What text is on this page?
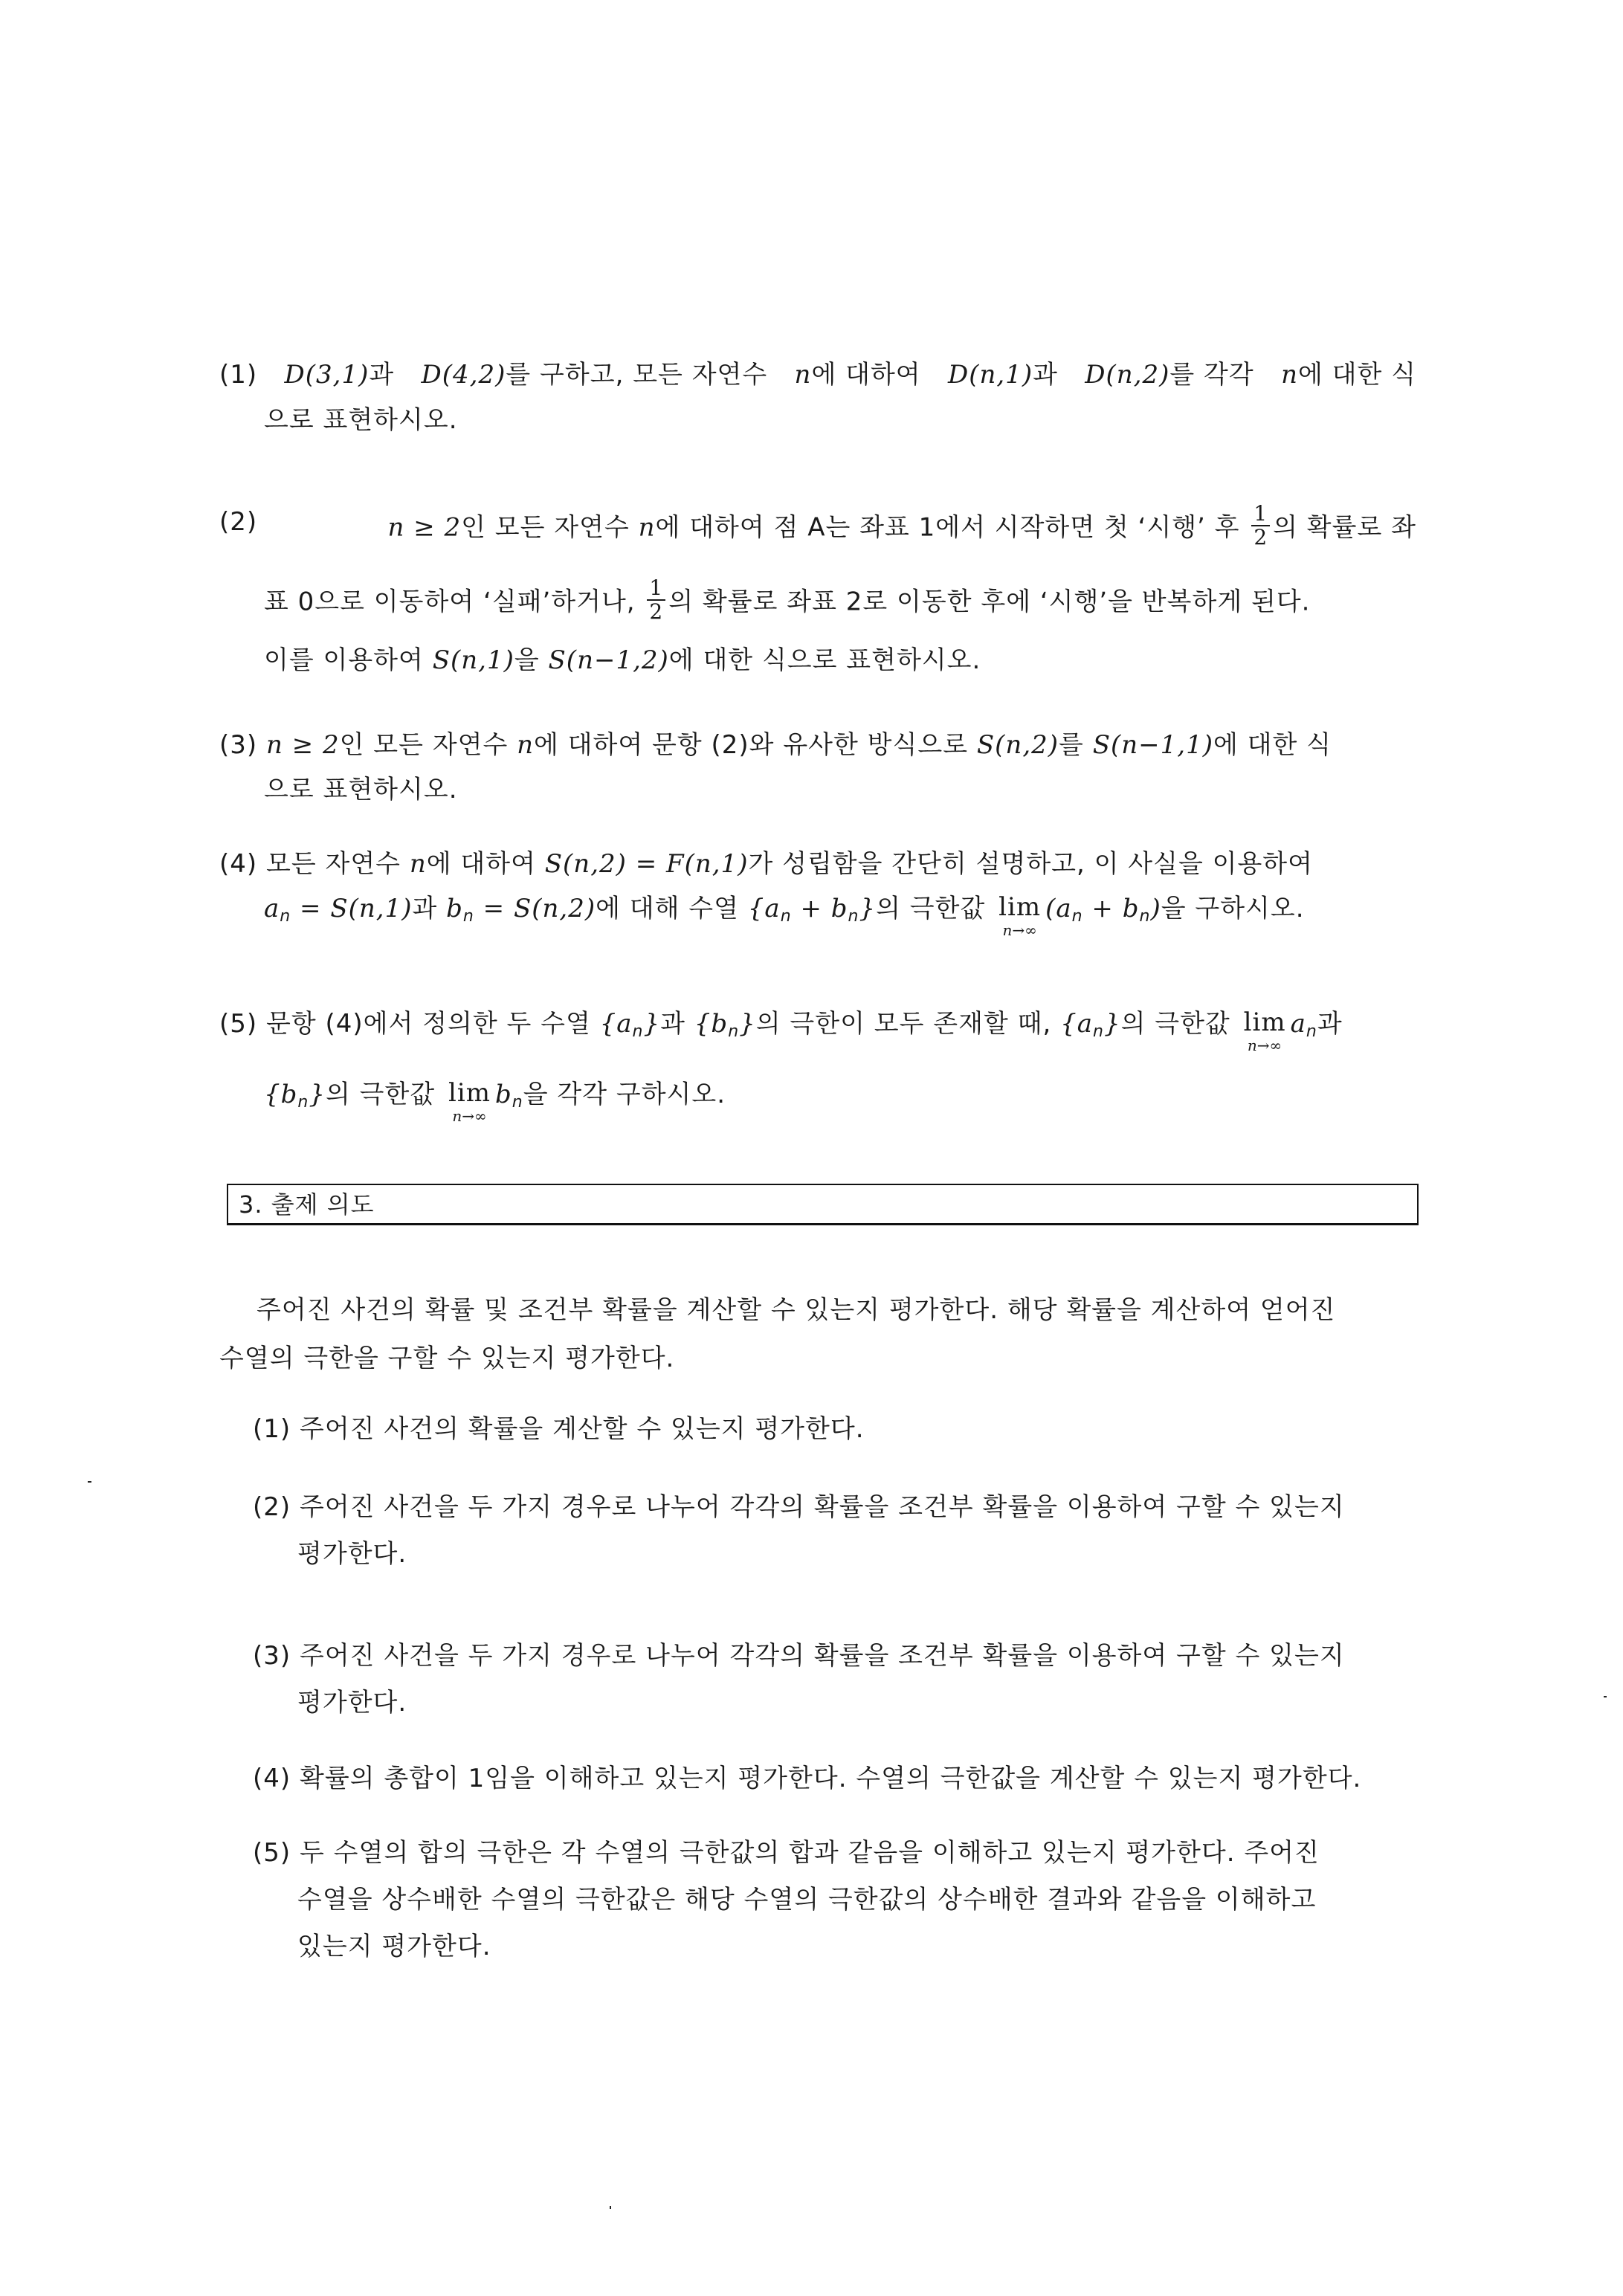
(1) D(3,1)과 D(4,2)를 구하고, 모든 자연수 n에 대하여 D(n,1)과 D(n,2)를 각각 n에 대한 식
으로 표현하시오.
(2)	n ≥ 2인 모든 자연수 n에 대하여 점 A는 좌표 1에서 시작하면 첫 ‘시행’ 후 $\frac{1}{2}$ 의 확률로 좌
표 0으로 이동하여 ‘실패’하거나, $\frac{1}{2}$ 의 확률로 좌표 2로 이동한 후에 ‘시행’을 반복하게 된다.
이를 이용하여 S(n,1)을 S(n−1,2)에 대한 식으로 표현하시오.
(3) n ≥ 2인 모든 자연수 n에 대하여 문항 (2)와 유사한 방식으로 S(n,2)를 S(n−1,1)에 대한 식
으로 표현하시오.
(4) 모든 자연수 n에 대하여 S(n,2) = F(n,1)가 성립함을 간단히 설명하고, 이 사실을 이용하여
$a_n = S(n,1)$과 $b_n = S(n,2)$에 대해 수열 $\{a_n + b_n\}$의 극한값 lim
n→∞
$(a_n + b_n)$을 구하시오.
(5) 문항 (4)에서 정의한 두 수열 $\{a_n\}$과 $\{b_n\}$의 극한이 모두 존재할 때, $\{a_n\}$의 극한값 lim
n→∞
$a_n$과
$\{b_n\}$의 극한값 lim
n→∞
$b_n$을 각각 구하시오.
3. 출제 의도
주어진 사건의 확률 및 조건부 확률을 계산할 수 있는지 평가한다. 해당 확률을 계산하여 얻어진
수열의 극한을 구할 수 있는지 평가한다.
(1) 주어진 사건의 확률을 계산할 수 있는지 평가한다.
(2) 주어진 사건을 두 가지 경우로 나누어 각각의 확률을 조건부 확률을 이용하여 구할 수 있는지
평가한다.
(3) 주어진 사건을 두 가지 경우로 나누어 각각의 확률을 조건부 확률을 이용하여 구할 수 있는지
평가한다.
(4) 확률의 총합이 1임을 이해하고 있는지 평가한다. 수열의 극한값을 계산할 수 있는지 평가한다.
(5) 두 수열의 합의 극한은 각 수열의 극한값의 합과 같음을 이해하고 있는지 평가한다. 주어진
수열을 상수배한 수열의 극한값은 해당 수열의 극한값의 상수배한 결과와 같음을 이해하고
있는지 평가한다.
